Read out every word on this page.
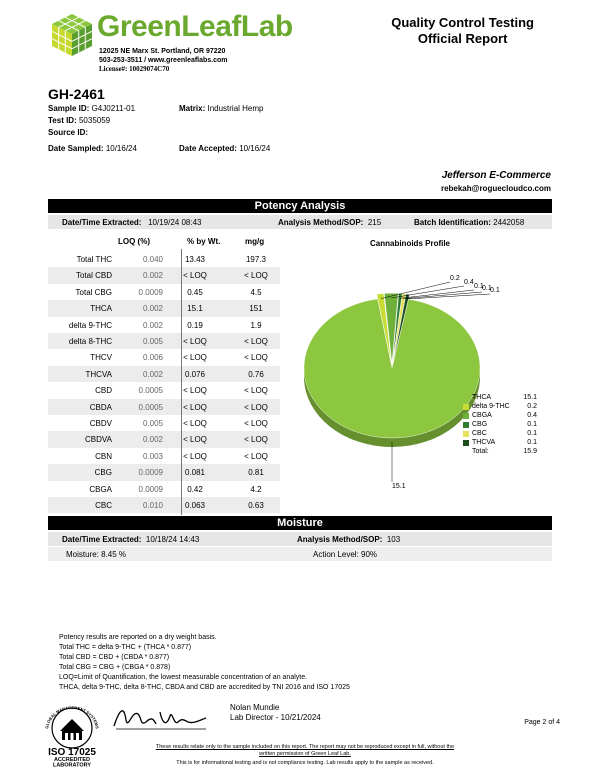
GreenLeafLab
12025 NE Marx St. Portland, OR 97220
503-253-3511 / www.greenleaflabs.com
License#: 10029074C70
Quality Control Testing
Official Report
GH-2461
Sample ID: G4J0211-01	Matrix: Industrial Hemp
Test ID: 5035059
Source ID:
Date Sampled: 10/16/24	Date Accepted: 10/16/24
Jefferson E-Commerce
rebekah@roguecloudco.com
Potency Analysis
Date/Time Extracted: 10/19/24 08:43	Analysis Method/SOP: 215	Batch Identification: 2442058
LOQ (%)	% by Wt.	mg/g
Total THC	0.040	13.43	197.3
Total CBD	0.002	< LOQ	< LOQ
Total CBG	0.0009	0.45	4.5
THCA	0.002	15.1	151
delta 9-THC	0.002	0.19	1.9
delta 8-THC	0.005	< LOQ	< LOQ
THCV	0.006	< LOQ	< LOQ
THCVA	0.002	0.076	0.76
CBD	0.0005	< LOQ	< LOQ
CBDA	0.0005	< LOQ	< LOQ
CBDV	0.005	< LOQ	< LOQ
CBDVA	0.002	< LOQ	< LOQ
CBN	0.003	< LOQ	< LOQ
CBG	0.0009	0.081	0.81
CBGA	0.0009	0.42	4.2
CBC	0.010	0.063	0.63
Cannabinoids Profile
15.1
0.2
0.4
0.1
0.1
0.1
THCA	15.1
delta 9-THC	0.2
CBGA	0.4
CBG	0.1
CBC	0.1
THCVA	0.1
Total:	15.9
Moisture
Date/Time Extracted: 10/18/24 14:43	Analysis Method/SOP: 103
Moisture: 8.45 %	Action Level: 90%
Potency results are reported on a dry weight basis.
Total THC = delta 9-THC + (THCA * 0.877)
Total CBD = CBD + (CBDA * 0.877)
Total CBG = CBG + (CBGA * 0.878)
LOQ=Limit of Quantification, the lowest measurable concentration of an analyte.
THCA, delta 9-THC, delta 8-THC, CBDA and CBD are accredited by TNI 2016 and ISO 17025
GLOBAL MANAGEMENT SYSTEMS
ISO 17025
ACCREDITED
LABORATORY
Nolan Mundie
Lab Director - 10/21/2024
Page 2 of 4
These results relate only to the sample included on this report. The report may not be reproduced except in full, without the
written permission of Green Leaf Lab.
This is for informational testing and is not compliance testing. Lab results apply to the sample as received.
